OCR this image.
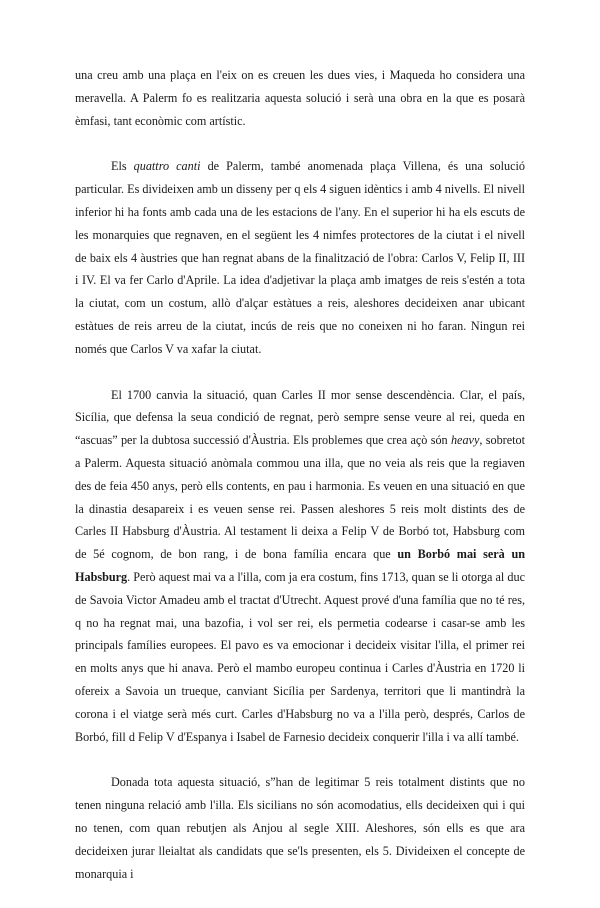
una creu amb una plaça en l'eix on es creuen les dues vies, i Maqueda ho considera una meravella. A Palerm fo es realitzaria aquesta solució i serà una obra en la que es posarà èmfasi, tant econòmic com artístic.

Els quattro canti de Palerm, també anomenada plaça Villena, és una solució particular. Es divideixen amb un disseny per q els 4 siguen idèntics i amb 4 nivells. El nivell inferior hi ha fonts amb cada una de les estacions de l'any. En el superior hi ha els escuts de les monarquies que regnaven, en el següent les 4 nimfes protectores de la ciutat i el nivell de baix els 4 àustries que han regnat abans de la finalització de l'obra: Carlos V, Felip II, III i IV. El va fer Carlo d'Aprile. La idea d'adjetivar la plaça amb imatges de reis s'estén a tota la ciutat, com un costum, allò d'alçar estàtues a reis, aleshores decideixen anar ubicant estàtues de reis arreu de la ciutat, incús de reis que no coneixen ni ho faran. Ningun rei només que Carlos V va xafar la ciutat.

El 1700 canvia la situació, quan Carles II mor sense descendència. Clar, el país, Sicília, que defensa la seua condició de regnat, però sempre sense veure al rei, queda en “ascuas” per la dubtosa successió d'Àustria. Els problemes que crea açò són heavy, sobretot a Palerm. Aquesta situació anòmala commou una illa, que no veia als reis que la regiaven des de feia 450 anys, però ells contents, en pau i harmonia. Es veuen en una situació en que la dinastia desapareix i es veuen sense rei. Passen aleshores 5 reis molt distints des de Carles II Habsburg d'Àustria. Al testament li deixa a Felip V de Borbó tot, Habsburg com de 5é cognom, de bon rang, i de bona família encara que un Borbó mai serà un Habsburg. Però aquest mai va a l'illa, com ja era costum, fins 1713, quan se li otorga al duc de Savoia Victor Amadeu amb el tractat d'Utrecht. Aquest prové d'una família que no té res, q no ha regnat mai, una bazofia, i vol ser rei, els permetia codearse i casar-se amb les principals famílies europees. El pavo es va emocionar i decideix visitar l'illa, el primer rei en molts anys que hi anava. Però el mambo europeu continua i Carles d'Àustria en 1720 li ofereix a Savoia un trueque, canviant Sicília per Sardenya, territori que li mantindrà la corona i el viatge serà més curt. Carles d'Habsburg no va a l'illa però, després, Carlos de Borbó, fill d Felip V d'Espanya i Isabel de Farnesio decideix conquerir l'illa i va allí també.

Donada tota aquesta situació, s”han de legitimar 5 reis totalment distints que no tenen ninguna relació amb l'illa. Els sicilians no són acomodatius, ells decideixen qui i qui no tenen, com quan rebutjen als Anjou al segle XIII. Aleshores, són ells es que ara decideixen jurar lleialtat als candidats que se'ls presenten, els 5. Divideixen el concepte de monarquia i
